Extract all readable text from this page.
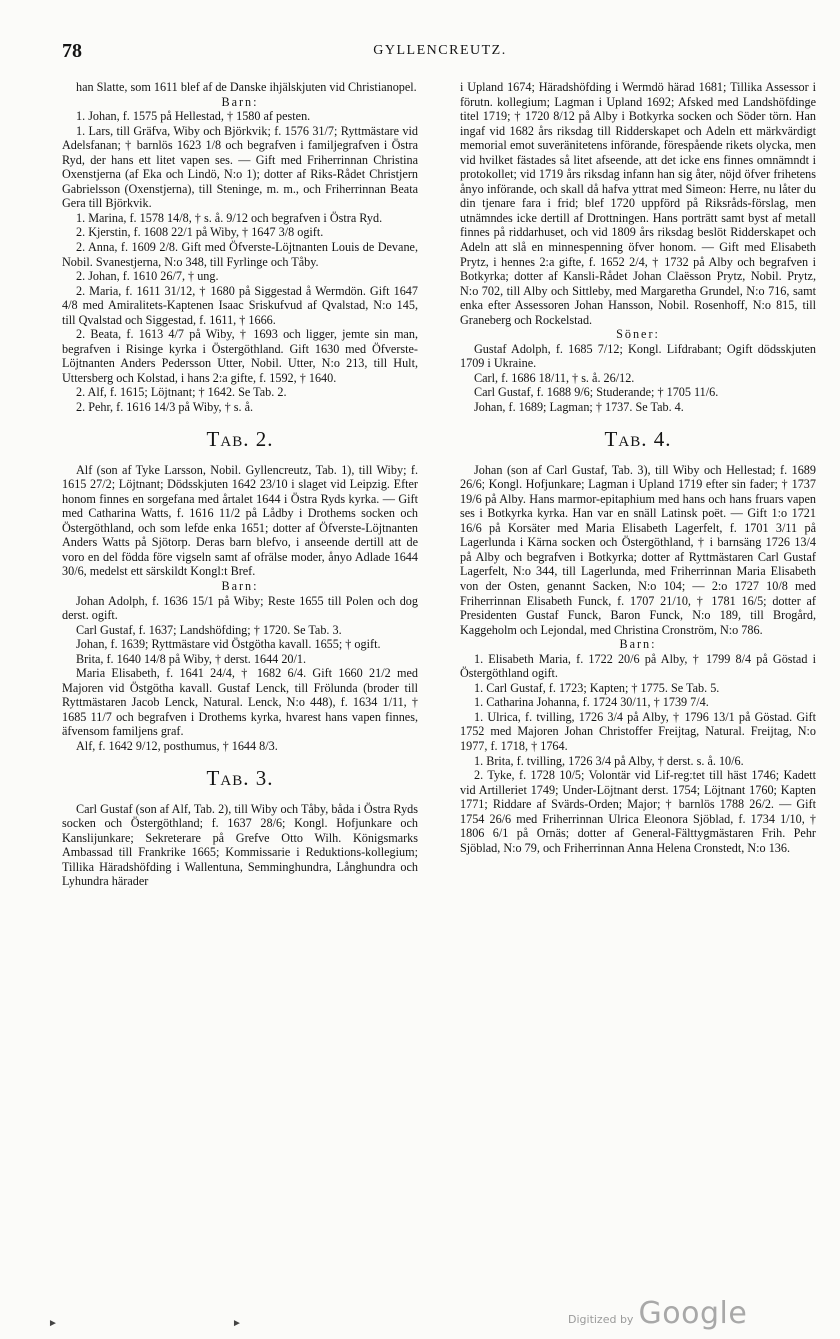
78	GYLLENCREUTZ.

han Slatte, som 1611 blef af de Danske ihjälskjuten vid Christianopel.

Barn:

1. Johan, f. 1575 på Hellestad, † 1580 af pesten.

1. Lars, till Gräfva, Wiby och Björkvik; f. 1576 31/7; Ryttmästare vid Adelsfanan; † barnlös 1623 1/8 och begrafven i familjegrafven i Östra Ryd, der hans ett litet vapen ses. — Gift med Friherrinnan Christina Oxenstjerna (af Eka och Lindö, N:o 1); dotter af Riks-Rådet Christjern Gabrielsson (Oxenstjerna), till Steninge, m. m., och Friherrinnan Beata Gera till Björkvik.

1. Marina, f. 1578 14/8, † s. å. 9/12 och begrafven i Östra Ryd.

2. Kjerstin, f. 1608 22/1 på Wiby, † 1647 3/8 ogift.

2. Anna, f. 1609 2/8. Gift med Öfverste-Löjtnanten Louis de Devane, Nobil. Svanestjerna, N:o 348, till Fyrlinge och Tåby.

2. Johan, f. 1610 26/7, † ung.

2. Maria, f. 1611 31/12, † 1680 på Siggestad å Wermdön. Gift 1647 4/8 med Amiralitets-Kaptenen Isaac Sriskufvud af Qvalstad, N:o 145, till Qvalstad och Siggestad, f. 1611, † 1666.

2. Beata, f. 1613 4/7 på Wiby, † 1693 och ligger, jemte sin man, begrafven i Risinge kyrka i Östergöthland. Gift 1630 med Öfverste-Löjtnanten Anders Pedersson Utter, Nobil. Utter, N:o 213, till Hult, Uttersberg och Kolstad, i hans 2:a gifte, f. 1592, † 1640.

2. Alf, f. 1615; Löjtnant; † 1642. Se Tab. 2.

2. Pehr, f. 1616 14/3 på Wiby, † s. å.

Tab. 2.

Alf (son af Tyke Larsson, Nobil. Gyllencreutz, Tab. 1), till Wiby; f. 1615 27/2; Löjtnant; Dödsskjuten 1642 23/10 i slaget vid Leipzig. Efter honom finnes en sorgefana med årtalet 1644 i Östra Ryds kyrka. — Gift med Catharina Watts, f. 1616 11/2 på Lådby i Drothems socken och Östergöthland, och som lefde enka 1651; dotter af Öfverste-Löjtnanten Anders Watts på Sjötorp. Deras barn blefvo, i anseende dertill att de voro en del födda före vigseln samt af ofrälse moder, ånyo Adlade 1644 30/6, medelst ett särskildt Kongl:t Bref.

Barn:

Johan Adolph, f. 1636 15/1 på Wiby; Reste 1655 till Polen och dog derst. ogift.

Carl Gustaf, f. 1637; Landshöfding; † 1720. Se Tab. 3.

Johan, f. 1639; Ryttmästare vid Östgötha kavall. 1655; † ogift.

Brita, f. 1640 14/8 på Wiby, † derst. 1644 20/1.

Maria Elisabeth, f. 1641 24/4, † 1682 6/4. Gift 1660 21/2 med Majoren vid Östgötha kavall. Gustaf Lenck, till Frölunda (broder till Ryttmästaren Jacob Lenck, Natural. Lenck, N:o 448), f. 1634 1/11, † 1685 11/7 och begrafven i Drothems kyrka, hvarest hans vapen finnes, äfvensom familjens graf.

Alf, f. 1642 9/12, posthumus, † 1644 8/3.

Tab. 3.

Carl Gustaf (son af Alf, Tab. 2), till Wiby och Tåby, båda i Östra Ryds socken och Östergöthland; f. 1637 28/6; Kongl. Hofjunkare och Kanslijunkare; Sekreterare på Grefve Otto Wilh. Königsmarks Ambassad till Frankrike 1665; Kommissarie i Reduktions-kollegium; Tillika Häradshöfding i Wallentuna, Semminghundra, Långhundra och Lyhundra härader

i Upland 1674; Häradshöfding i Wermdö härad 1681; Tillika Assessor i förutn. kollegium; Lagman i Upland 1692; Afsked med Landshöfdinge titel 1719; † 1720 8/12 på Alby i Botkyrka socken och Söder törn. Han ingaf vid 1682 års riksdag till Ridderskapet och Adeln ett märkvärdigt memorial emot suveränitetens införande, förespående rikets olycka, men vid hvilket fästades så litet afseende, att det icke ens finnes omnämndt i protokollet; vid 1719 års riksdag infann han sig åter, nöjd öfver frihetens ånyo införande, och skall då hafva yttrat med Simeon: Herre, nu låter du din tjenare fara i frid; blef 1720 uppförd på Riksråds-förslag, men utnämndes icke dertill af Drottningen. Hans porträtt samt byst af metall finnes på riddarhuset, och vid 1809 års riksdag beslöt Ridderskapet och Adeln att slå en minnespenning öfver honom. — Gift med Elisabeth Prytz, i hennes 2:a gifte, f. 1652 2/4, † 1732 på Alby och begrafven i Botkyrka; dotter af Kansli-Rådet Johan Claësson Prytz, Nobil. Prytz, N:o 702, till Alby och Sittleby, med Margaretha Grundel, N:o 716, samt enka efter Assessoren Johan Hansson, Nobil. Rosenhoff, N:o 815, till Graneberg och Rockelstad.

Söner:

Gustaf Adolph, f. 1685 7/12; Kongl. Lifdrabant; Ogift dödsskjuten 1709 i Ukraine.

Carl, f. 1686 18/11, † s. å. 26/12.

Carl Gustaf, f. 1688 9/6; Studerande; † 1705 11/6.

Johan, f. 1689; Lagman; † 1737. Se Tab. 4.

Tab. 4.

Johan (son af Carl Gustaf, Tab. 3), till Wiby och Hellestad; f. 1689 26/6; Kongl. Hofjunkare; Lagman i Upland 1719 efter sin fader; † 1737 19/6 på Alby. Hans marmor-epitaphium med hans och hans fruars vapen ses i Botkyrka kyrka. Han var en snäll Latinsk poët. — Gift 1:o 1721 16/6 på Korsäter med Maria Elisabeth Lagerfelt, f. 1701 3/11 på Lagerlunda i Kärna socken och Östergöthland, † i barnsäng 1726 13/4 på Alby och begrafven i Botkyrka; dotter af Ryttmästaren Carl Gustaf Lagerfelt, N:o 344, till Lagerlunda, med Friherrinnan Maria Elisabeth von der Osten, genannt Sacken, N:o 104; — 2:o 1727 10/8 med Friherrinnan Elisabeth Funck, f. 1707 21/10, † 1781 16/5; dotter af Presidenten Gustaf Funck, Baron Funck, N:o 189, till Brogård, Kaggeholm och Lejondal, med Christina Cronström, N:o 786.

Barn:

1. Elisabeth Maria, f. 1722 20/6 på Alby, † 1799 8/4 på Göstad i Östergöthland ogift.

1. Carl Gustaf, f. 1723; Kapten; † 1775. Se Tab. 5.

1. Catharina Johanna, f. 1724 30/11, † 1739 7/4.

1. Ulrica, f. tvilling, 1726 3/4 på Alby, † 1796 13/1 på Göstad. Gift 1752 med Majoren Johan Christoffer Freijtag, Natural. Freijtag, N:o 1977, f. 1718, † 1764.

1. Brita, f. tvilling, 1726 3/4 på Alby, † derst. s. å. 10/6.

2. Tyke, f. 1728 10/5; Volontär vid Lif-reg:tet till häst 1746; Kadett vid Artilleriet 1749; Under-Löjtnant derst. 1754; Löjtnant 1760; Kapten 1771; Riddare af Svärds-Orden; Major; † barnlös 1788 26/2. — Gift 1754 26/6 med Friherrinnan Ulrica Eleonora Sjöblad, f. 1734 1/10, † 1806 6/1 på Ornäs; dotter af General-Fälttygmästaren Frih. Pehr Sjöblad, N:o 79, och Friherrinnan Anna Helena Cronstedt, N:o 136.

►	►	Digitized by Google
